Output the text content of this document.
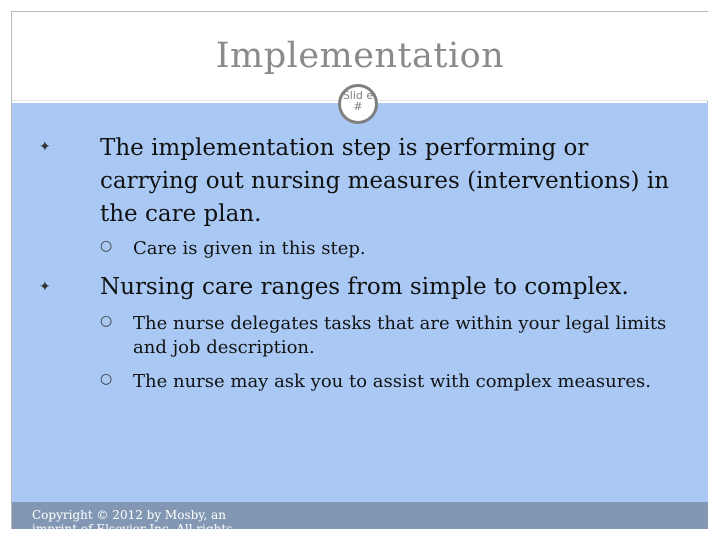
Implementation
✦ The implementation step is performing or carrying out nursing measures (interventions) in the care plan.
○ Care is given in this step.
✦ Nursing care ranges from simple to complex.
○ The nurse delegates tasks that are within your legal limits and job description.
○ The nurse may ask you to assist with complex measures.
Slid e #
Copyright © 2012 by Mosby, an imprint of Elsevier Inc. All rights reserved.
